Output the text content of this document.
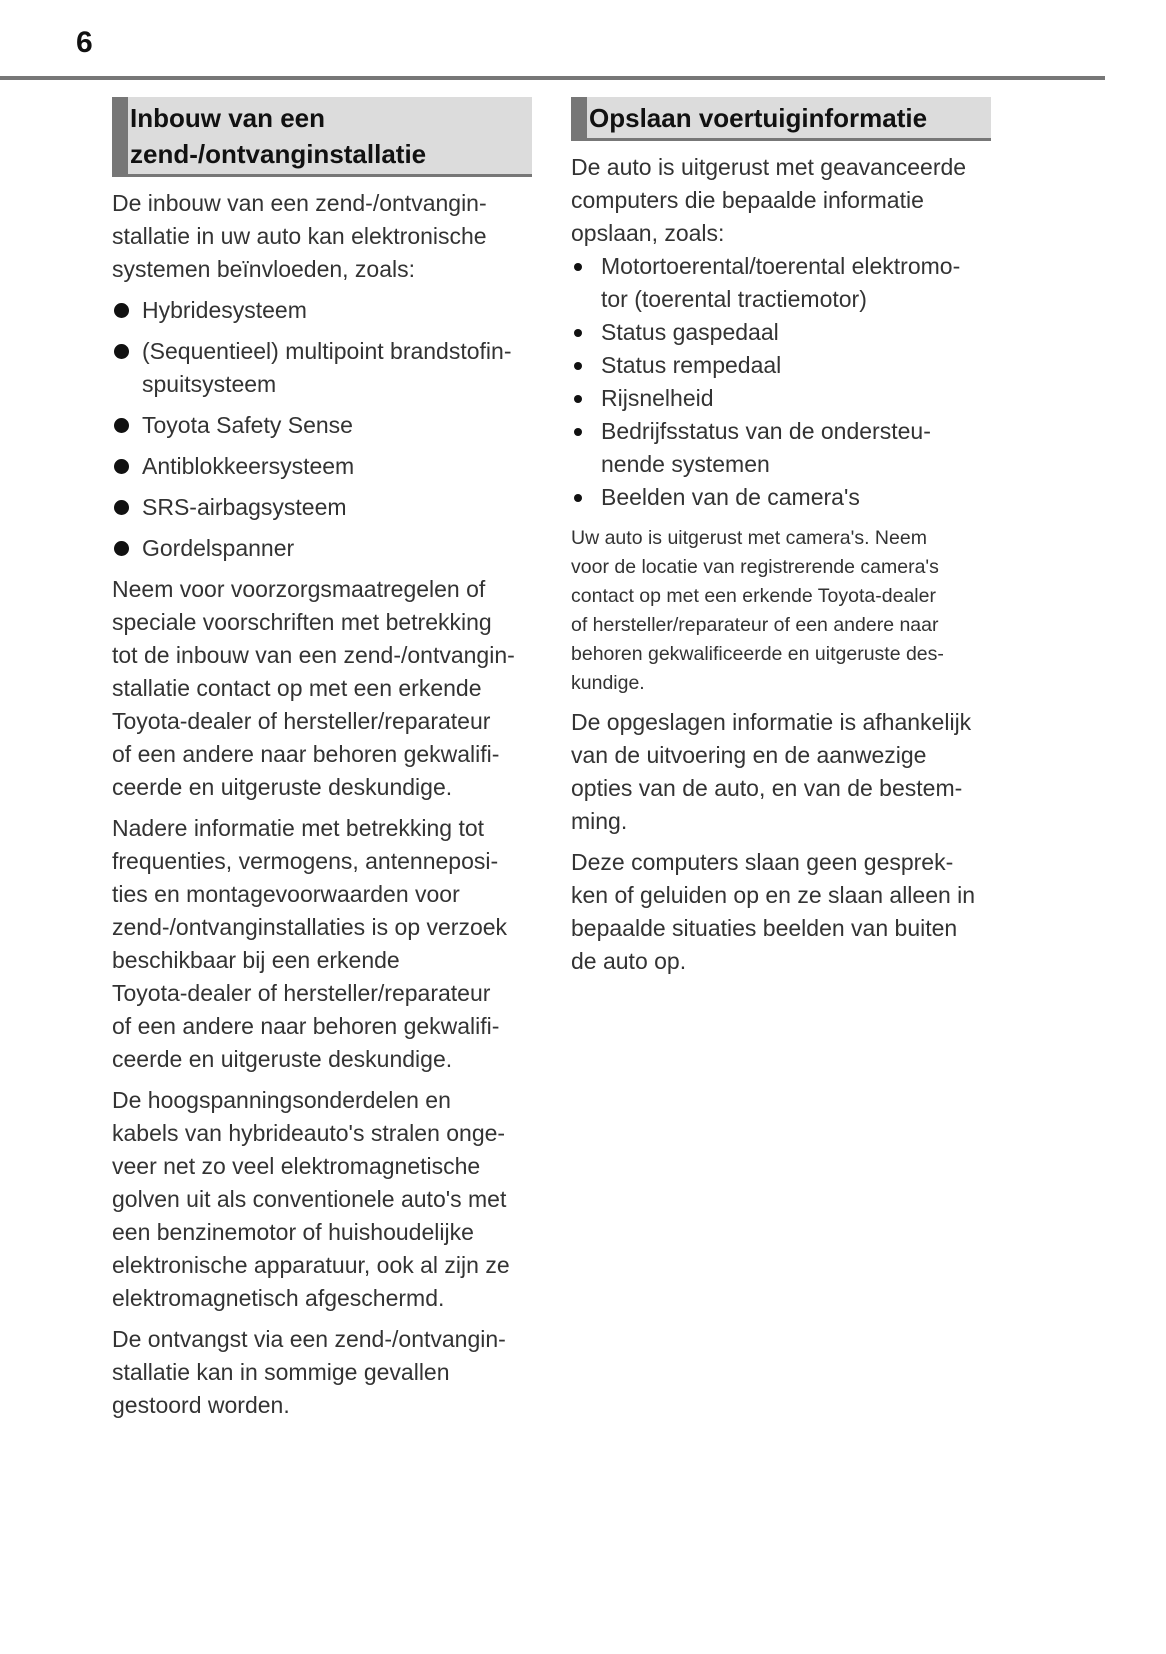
6
Inbouw van een
zend-/ontvanginstallatie

De inbouw van een zend-/ontvangin-
stallatie in uw auto kan elektronische
systemen beïnvloeden, zoals:

Hybridesysteem
(Sequentieel) multipoint brandstofin-
spuitsysteem
Toyota Safety Sense
Antiblokkeersysteem
SRS-airbagsysteem
Gordelspanner

Neem voor voorzorgsmaatregelen of
speciale voorschriften met betrekking
tot de inbouw van een zend-/ontvangin-
stallatie contact op met een erkende
Toyota-dealer of hersteller/reparateur
of een andere naar behoren gekwalifi-
ceerde en uitgeruste deskundige.

Nadere informatie met betrekking tot
frequenties, vermogens, antenneposi-
ties en montagevoorwaarden voor
zend-/ontvanginstallaties is op verzoek
beschikbaar bij een erkende
Toyota-dealer of hersteller/reparateur
of een andere naar behoren gekwalifi-
ceerde en uitgeruste deskundige.

De hoogspanningsonderdelen en
kabels van hybrideauto's stralen onge-
veer net zo veel elektromagnetische
golven uit als conventionele auto's met
een benzinemotor of huishoudelijke
elektronische apparatuur, ook al zijn ze
elektromagnetisch afgeschermd.

De ontvangst via een zend-/ontvangin-
stallatie kan in sommige gevallen
gestoord worden.

Opslaan voertuiginformatie

De auto is uitgerust met geavanceerde
computers die bepaalde informatie
opslaan, zoals:

Motortoerental/toerental elektromo-
tor (toerental tractiemotor)
Status gaspedaal
Status rempedaal
Rijsnelheid
Bedrijfsstatus van de ondersteu-
nende systemen
Beelden van de camera's

Uw auto is uitgerust met camera's. Neem
voor de locatie van registrerende camera's
contact op met een erkende Toyota-dealer
of hersteller/reparateur of een andere naar
behoren gekwalificeerde en uitgeruste des-
kundige.

De opgeslagen informatie is afhankelijk
van de uitvoering en de aanwezige
opties van de auto, en van de bestem-
ming.

Deze computers slaan geen gesprek-
ken of geluiden op en ze slaan alleen in
bepaalde situaties beelden van buiten
de auto op.
